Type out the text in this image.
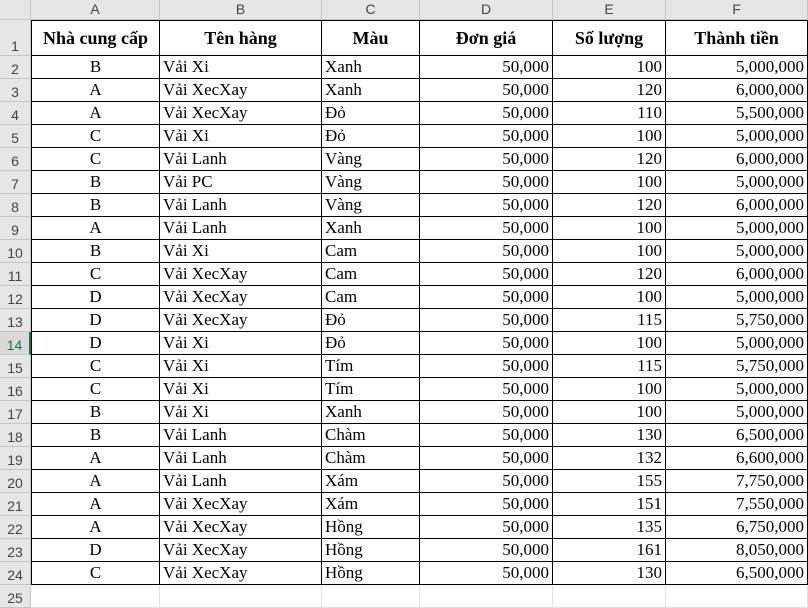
A	B	C	D	E	F
1	Nhà cung cấp	Tên hàng	Màu	Đơn giá	Số lượng	Thành tiền
2	B	Vải Xi	Xanh	50,000	100	5,000,000
3	A	Vải XecXay	Xanh	50,000	120	6,000,000
4	A	Vải XecXay	Đỏ	50,000	110	5,500,000
5	C	Vải Xi	Đỏ	50,000	100	5,000,000
6	C	Vải Lanh	Vàng	50,000	120	6,000,000
7	B	Vải PC	Vàng	50,000	100	5,000,000
8	B	Vải Lanh	Vàng	50,000	120	6,000,000
9	A	Vải Lanh	Xanh	50,000	100	5,000,000
10	B	Vải Xi	Cam	50,000	100	5,000,000
11	C	Vải XecXay	Cam	50,000	120	6,000,000
12	D	Vải XecXay	Cam	50,000	100	5,000,000
13	D	Vải XecXay	Đỏ	50,000	115	5,750,000
14	D	Vải Xi	Đỏ	50,000	100	5,000,000
15	C	Vải Xi	Tím	50,000	115	5,750,000
16	C	Vải Xi	Tím	50,000	100	5,000,000
17	B	Vải Xi	Xanh	50,000	100	5,000,000
18	B	Vải Lanh	Chàm	50,000	130	6,500,000
19	A	Vải Lanh	Chàm	50,000	132	6,600,000
20	A	Vải Lanh	Xám	50,000	155	7,750,000
21	A	Vải XecXay	Xám	50,000	151	7,550,000
22	A	Vải XecXay	Hồng	50,000	135	6,750,000
23	D	Vải XecXay	Hồng	50,000	161	8,050,000
24	C	Vải XecXay	Hồng	50,000	130	6,500,000
25
